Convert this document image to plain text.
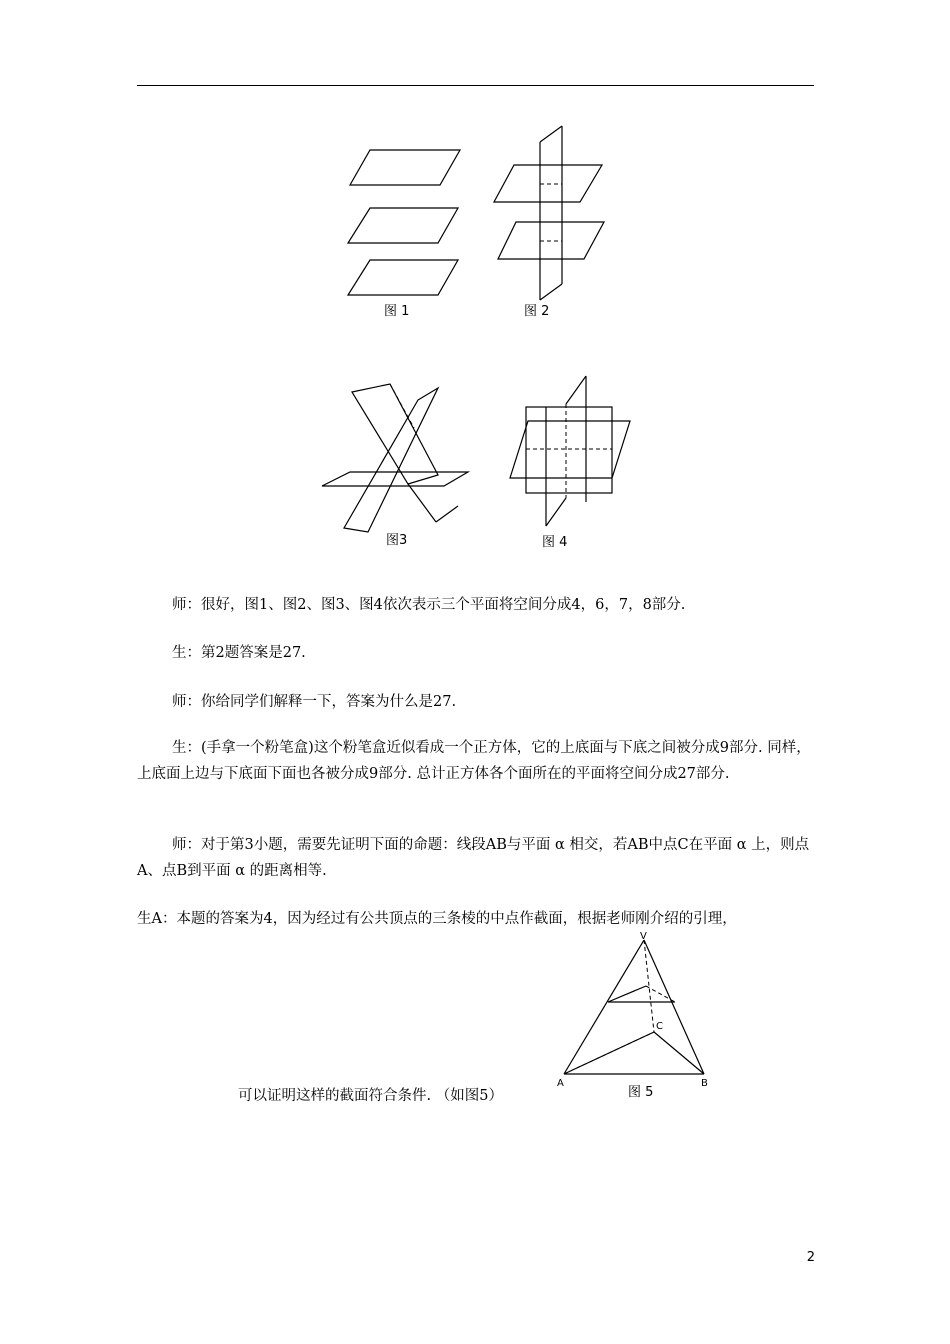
图 1	图 2
图3	图 4
师：很好，图1、图2、图3、图4依次表示三个平面将空间分成4，6，7，8部分.
生：第2题答案是27.
师：你给同学们解释一下，答案为什么是27.
生：(手拿一个粉笔盒)这个粉笔盒近似看成一个正方体，它的上底面与下底之间被分成9部分. 同样，上底面上边与下底面下面也各被分成9部分. 总计正方体各个面所在的平面将空间分成27部分.
师：对于第3小题，需要先证明下面的命题：线段AB与平面 α 相交，若AB中点C在平面 α 上，则点A、点B到平面 α 的距离相等.
生A：本题的答案为4，因为经过有公共顶点的三条棱的中点作截面，根据老师刚介绍的引理，
可以证明这样的截面符合条件. （如图5）
V
A	B
C
图 5
2
